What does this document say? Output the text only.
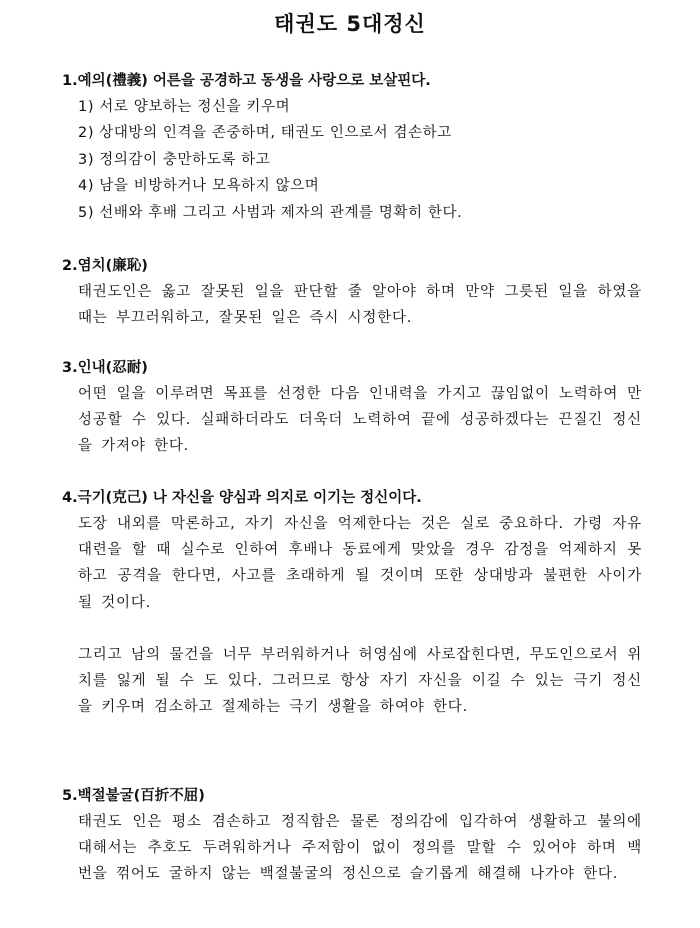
태권도 5대정신
1.예의(禮義) 어른을 공경하고 동생을 사랑으로 보살핀다.
1) 서로 양보하는 정신을 키우며
2) 상대방의 인격을 존중하며, 태권도 인으로서 겸손하고
3) 정의감이 충만하도록 하고
4) 남을 비방하거나 모욕하지 않으며
5) 선배와 후배 그리고 사범과 제자의 관계를 명확히 한다.
2.염치(廉恥)

태권도인은 옳고 잘못된 일을 판단할 줄 알아야 하며 만약 그릇된 일을 하였을 때는 부끄러워하고, 잘못된 일은 즉시 시정한다.

3.인내(忍耐)

어떤 일을 이루려면 목표를 선정한 다음 인내력을 가지고 끊임없이 노력하여 만 성공할 수 있다. 실패하더라도 더욱더 노력하여 끝에 성공하겠다는 끈질긴 정신을 가져야 한다.

4.극기(克己) 나 자신을 양심과 의지로 이기는 정신이다.

도장 내외를 막론하고, 자기 자신을 억제한다는 것은 실로 중요하다. 가령 자유대련을 할 때 실수로 인하여 후배나 동료에게 맞았을 경우 감정을 억제하지 못하고 공격을 한다면, 사고를 초래하게 될 것이며 또한 상대방과 불편한 사이가 될 것이다.

그리고 남의 물건을 너무 부러워하거나 허영심에 사로잡힌다면, 무도인으로서 위치를 잃게 될 수 도 있다. 그러므로 항상 자기 자신을 이길 수 있는 극기 정신을 키우며 검소하고 절제하는 극기 생활을 하여야 한다.

5.백절불굴(百折不屈)

태권도 인은 평소 겸손하고 정직함은 물론 정의감에 입각하여 생활하고 불의에 대해서는 추호도 두려워하거나 주저함이 없이 정의를 말할 수 있어야 하며 백 번을 꺾어도 굴하지 않는 백절불굴의 정신으로 슬기롭게 해결해 나가야 한다.
